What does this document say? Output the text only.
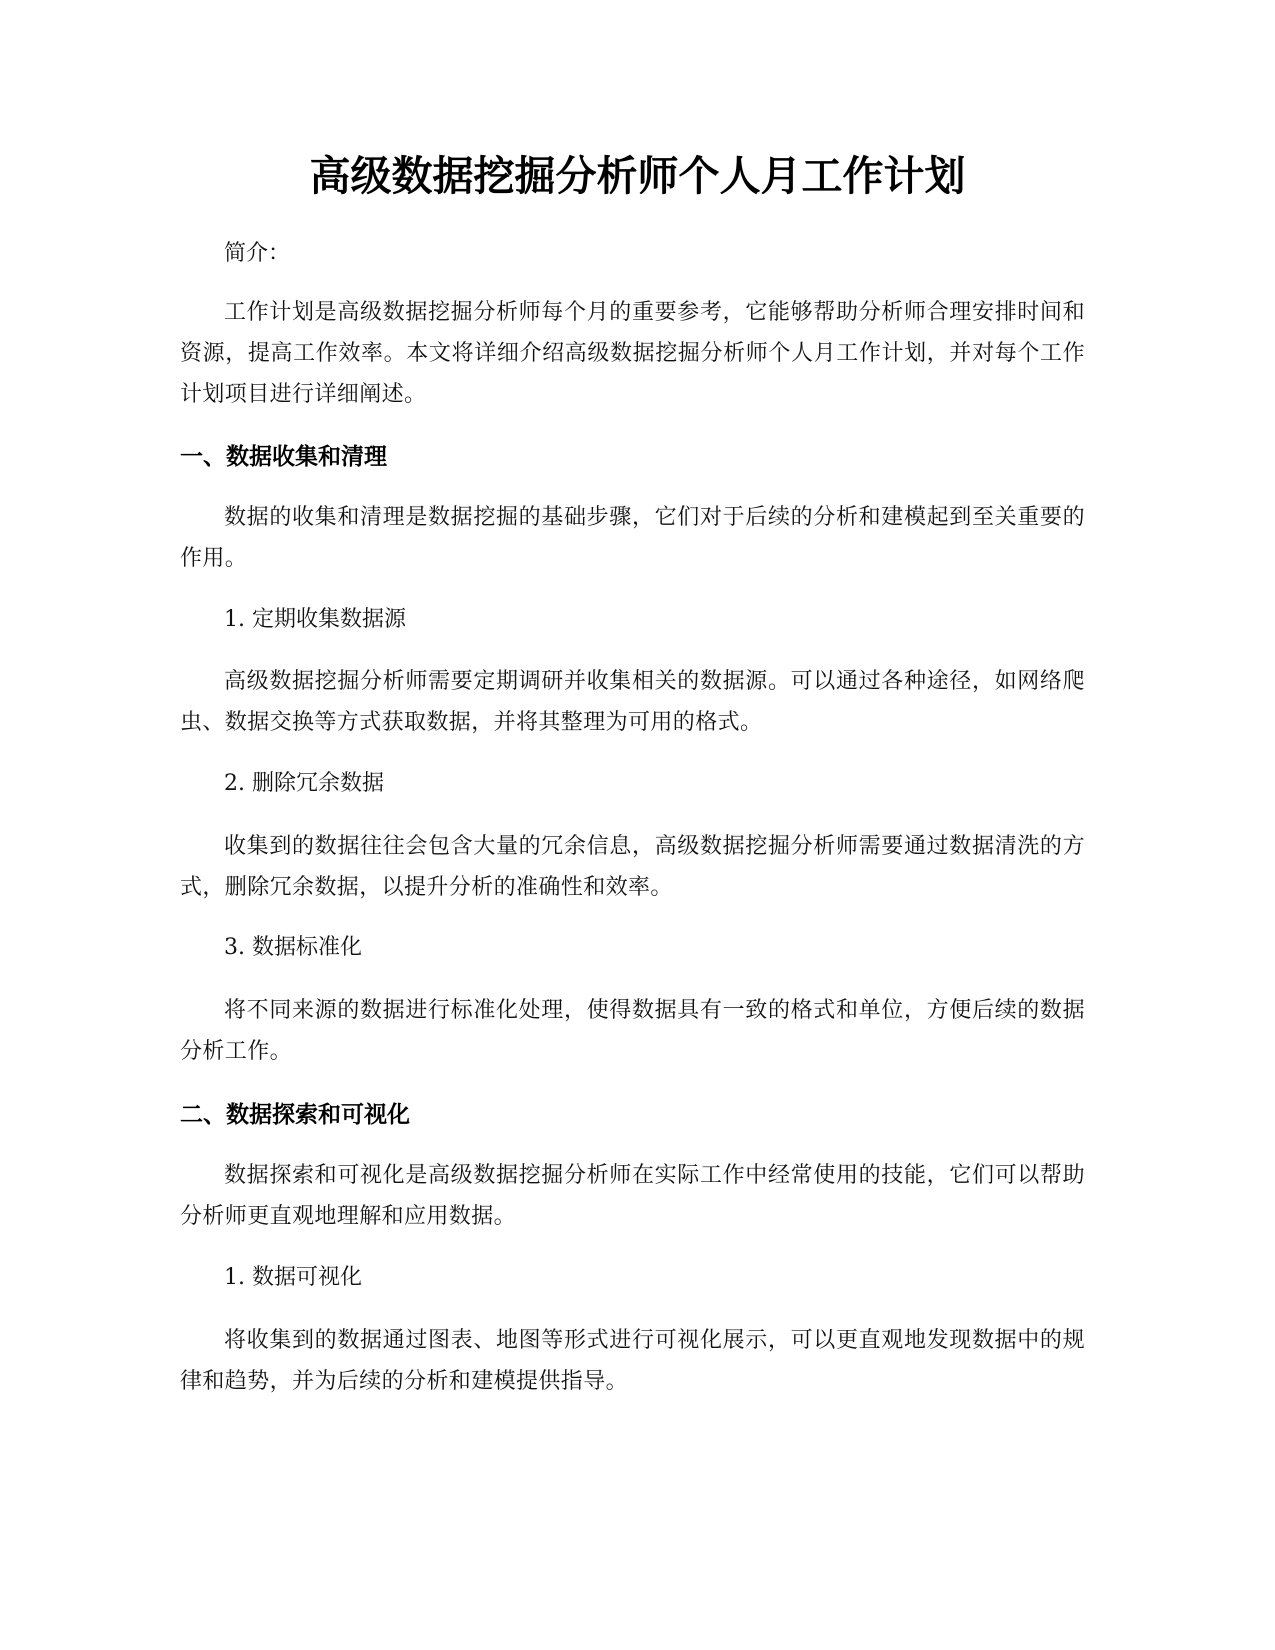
高级数据挖掘分析师个人月工作计划

简介：

工作计划是高级数据挖掘分析师每个月的重要参考，它能够帮助分析师合理安排时间和资源，提高工作效率。本文将详细介绍高级数据挖掘分析师个人月工作计划，并对每个工作计划项目进行详细阐述。

一、数据收集和清理

数据的收集和清理是数据挖掘的基础步骤，它们对于后续的分析和建模起到至关重要的作用。

1. 定期收集数据源

高级数据挖掘分析师需要定期调研并收集相关的数据源。可以通过各种途径，如网络爬虫、数据交换等方式获取数据，并将其整理为可用的格式。

2. 删除冗余数据

收集到的数据往往会包含大量的冗余信息，高级数据挖掘分析师需要通过数据清洗的方式，删除冗余数据，以提升分析的准确性和效率。

3. 数据标准化

将不同来源的数据进行标准化处理，使得数据具有一致的格式和单位，方便后续的数据分析工作。

二、数据探索和可视化

数据探索和可视化是高级数据挖掘分析师在实际工作中经常使用的技能，它们可以帮助分析师更直观地理解和应用数据。

1. 数据可视化

将收集到的数据通过图表、地图等形式进行可视化展示，可以更直观地发现数据中的规律和趋势，并为后续的分析和建模提供指导。
